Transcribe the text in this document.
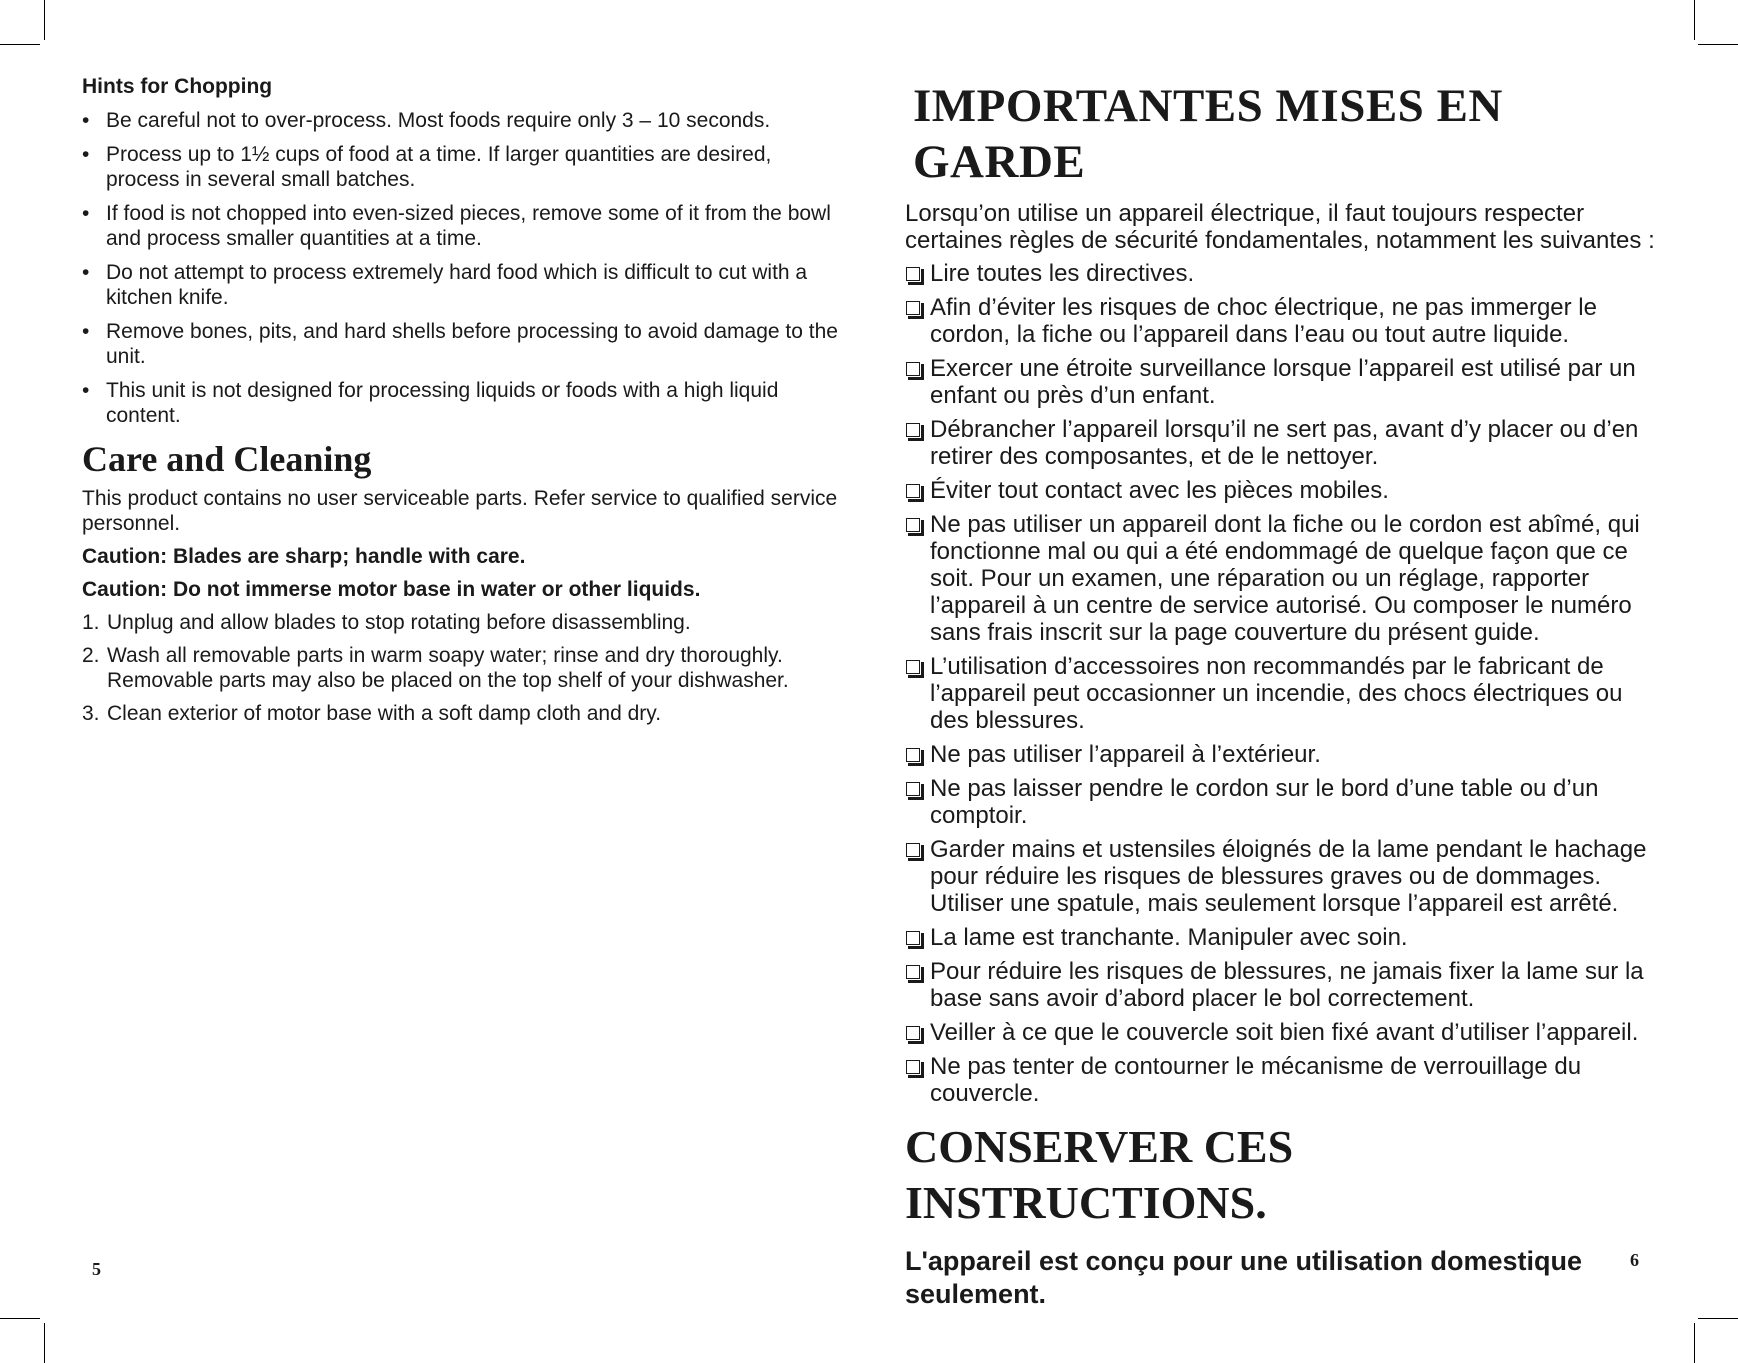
Hints for Chopping
• Be careful not to over-process. Most foods require only 3 – 10 seconds.
• Process up to 1½ cups of food at a time. If larger quantities are desired, process in several small batches.
• If food is not chopped into even-sized pieces, remove some of it from the bowl and process smaller quantities at a time.
• Do not attempt to process extremely hard food which is difficult to cut with a kitchen knife.
• Remove bones, pits, and hard shells before processing to avoid damage to the unit.
• This unit is not designed for processing liquids or foods with a high liquid content.
Care and Cleaning
This product contains no user serviceable parts. Refer service to qualified service personnel.
Caution: Blades are sharp; handle with care.
Caution: Do not immerse motor base in water or other liquids.
1. Unplug and allow blades to stop rotating before disassembling.
2. Wash all removable parts in warm soapy water; rinse and dry thoroughly. Removable parts may also be placed on the top shelf of your dishwasher.
3. Clean exterior of motor base with a soft damp cloth and dry.
5
IMPORTANTES MISES EN GARDE
Lorsqu’on utilise un appareil électrique, il faut toujours respecter certaines règles de sécurité fondamentales, notamment les suivantes :
Lire toutes les directives.
Afin d’éviter les risques de choc électrique, ne pas immerger le cordon, la fiche ou l’appareil dans l’eau ou tout autre liquide.
Exercer une étroite surveillance lorsque l’appareil est utilisé par un enfant ou près d’un enfant.
Débrancher l’appareil lorsqu’il ne sert pas, avant d’y placer ou d’en retirer des composantes, et de le nettoyer.
Éviter tout contact avec les pièces mobiles.
Ne pas utiliser un appareil dont la fiche ou le cordon est abîmé, qui fonctionne mal ou qui a été endommagé de quelque façon que ce soit. Pour un examen, une réparation ou un réglage, rapporter l’appareil à un centre de service autorisé. Ou composer le numéro sans frais inscrit sur la page couverture du présent guide.
L’utilisation d’accessoires non recommandés par le fabricant de l’appareil peut occasionner un incendie, des chocs électriques ou des blessures.
Ne pas utiliser l’appareil à l’extérieur.
Ne pas laisser pendre le cordon sur le bord d’une table ou d’un comptoir.
Garder mains et ustensiles éloignés de la lame pendant le hachage pour réduire les risques de blessures graves ou de dommages. Utiliser une spatule, mais seulement lorsque l’appareil est arrêté.
La lame est tranchante. Manipuler avec soin.
Pour réduire les risques de blessures, ne jamais fixer la lame sur la base sans avoir d’abord placer le bol correctement.
Veiller à ce que le couvercle soit bien fixé avant d’utiliser l’appareil.
Ne pas tenter de contourner le mécanisme de verrouillage du couvercle.
CONSERVER CES INSTRUCTIONS.
L'appareil est conçu pour une utilisation domestique seulement.
6
